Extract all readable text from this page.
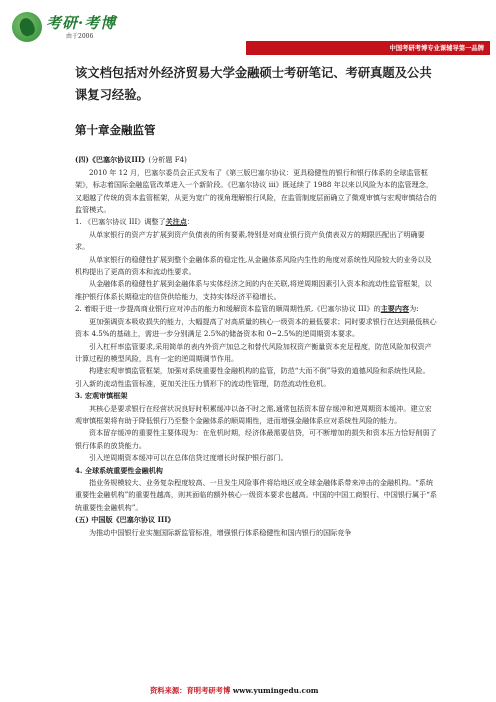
考研·考博
由于2006
中国考研考博专业课辅导第一品牌

该文档包括对外经济贸易大学金融硕士考研笔记、考研真题及公共课复习经验。

第十章金融监管

(四)《巴塞尔协议III》(分析题 F4)

2010 年 12 月，巴塞尔委员会正式发布了《第三版巴塞尔协议：更具稳健性的银行和银行体系的全球监管框架》，标志着国际金融监管改革进入一个新阶段。《巴塞尔协议 iii》既延续了 1988 年以来以风险为本的监管理念，又超越了传统的资本监管框架，从更为宽广的视角理解银行风险，在监管制度层面确立了微观审慎与宏观审慎结合的监管模式。

1. 《巴塞尔协议 III》调整了关注点：

从单家银行的资产方扩展到资产负债表的所有要素,特别是对商业银行资产负债表双方的期限匹配出了明确要求。

从单家银行的稳健性扩展到整个金融体系的稳定性,从金融体系风险内生性的角度对系统性风险较大的业务以及机构提出了更高的资本和流动性要求。

从金融体系的稳健性扩展到金融体系与实体经济之间的内在关联,将逆周期因素引入资本和流动性监管框架，以维护银行体系长期稳定的信贷供给能力，支持实体经济平稳增长。

2. 着眼于进一步提高商业银行应对冲击的能力和缓解资本监管的顺周期性质,《巴塞尔协议 III》的主要内容为:

更加强调资本吸收损失的能力，大幅提高了对高质量的核心一级资本的最低要求；同时要求银行在达到最低核心资本 4.5%的基础上，需进一步分别满足 2.5%的储备资本和 0~2.5%的逆周期资本要求。

引入杠杆率监管要求,采用简单的表内外资产加总之和替代风险加权资产衡量资本充足程度，防范风险加权资产计算过程的模型风险，具有一定的逆周期调节作用。

构建宏观审慎监管框架，加强对系统重要性金融机构的监管，防范“大而不倒”导致的道德风险和系统性风险。

引入新的流动性监管标准，更加关注压力情形下的流动性管理，防范流动性危机。

3. 宏观审慎框架

其核心是要求银行在经营状况良好时积累缓冲以备不时之需,通常包括资本留存缓冲和逆周期资本缓冲。建立宏观审慎框架将有助于降低银行乃至整个金融体系的顺周期性，进而增强金融体系应对系统性风险的能力。

资本留存缓冲的重要性主要体现为：在危机时期，经济体最需要信贷，可不断增加的损失和资本压力恰好削弱了银行体系的放贷能力。

引入逆周期资本缓冲可以在总体信贷过度增长时保护银行部门。

4. 全球系统重要性金融机构

指业务规模较大、业务复杂程度较高、一旦发生风险事件将给地区或全球金融体系带来冲击的金融机构。“系统重要性金融机构”的重要性越高，则其面临的额外核心一级资本要求也越高。中国的中国工商银行、中国银行属于“系统重要性金融机构”。

(五) 中国版《巴塞尔协议 III》

为推动中国银行业实施国际新监管标准，增强银行体系稳健性和国内银行的国际竞争

资料来源：育明考研考博 www.yumingedu.com
